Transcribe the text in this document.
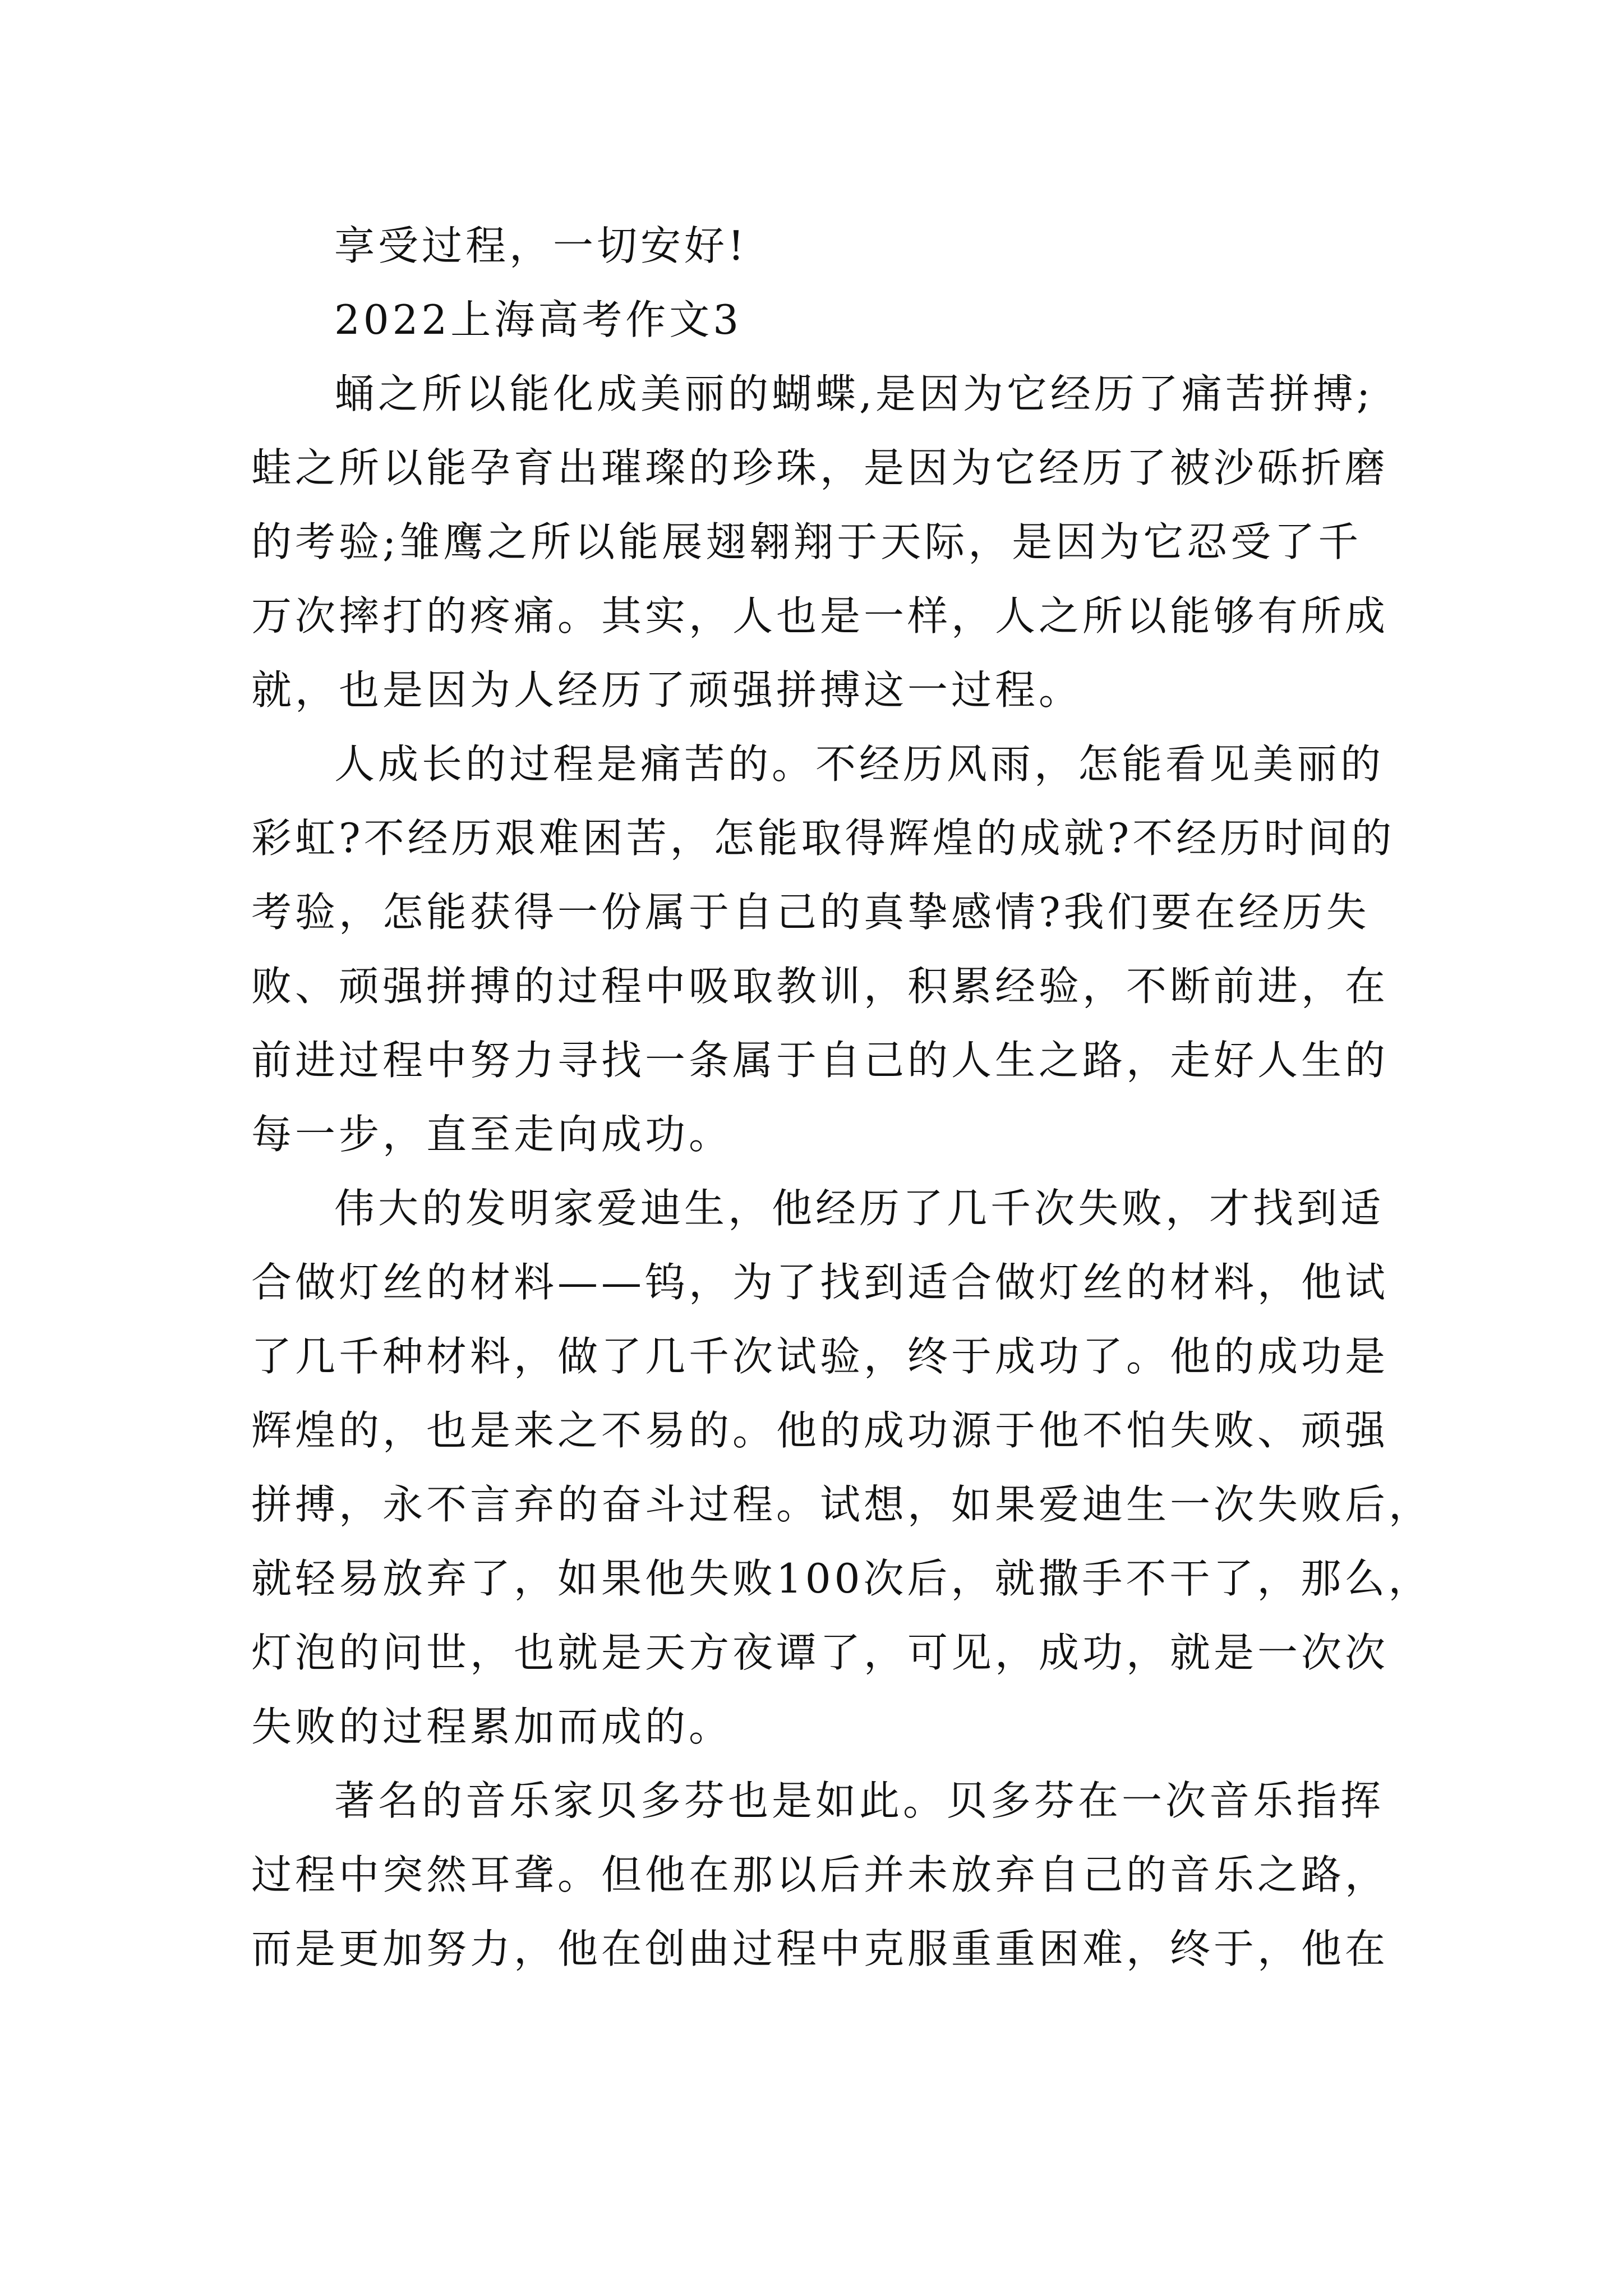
享受过程，一切安好!
2022上海高考作文3
蛹之所以能化成美丽的蝴蝶,是因为它经历了痛苦拼搏;
蛙之所以能孕育出璀璨的珍珠，是因为它经历了被沙砾折磨
的考验;雏鹰之所以能展翅翱翔于天际，是因为它忍受了千
万次摔打的疼痛。其实，人也是一样，人之所以能够有所成
就，也是因为人经历了顽强拼搏这一过程。
人成长的过程是痛苦的。不经历风雨，怎能看见美丽的
彩虹?不经历艰难困苦，怎能取得辉煌的成就?不经历时间的
考验，怎能获得一份属于自己的真挚感情?我们要在经历失
败、顽强拼搏的过程中吸取教训，积累经验，不断前进，在
前进过程中努力寻找一条属于自己的人生之路，走好人生的
每一步，直至走向成功。
伟大的发明家爱迪生，他经历了几千次失败，才找到适
合做灯丝的材料——钨，为了找到适合做灯丝的材料，他试
了几千种材料，做了几千次试验，终于成功了。他的成功是
辉煌的，也是来之不易的。他的成功源于他不怕失败、顽强
拼搏，永不言弃的奋斗过程。试想，如果爱迪生一次失败后，
就轻易放弃了，如果他失败100次后，就撒手不干了，那么，
灯泡的问世，也就是天方夜谭了，可见，成功，就是一次次
失败的过程累加而成的。
著名的音乐家贝多芬也是如此。贝多芬在一次音乐指挥
过程中突然耳聋。但他在那以后并未放弃自己的音乐之路，
而是更加努力，他在创曲过程中克服重重困难，终于，他在
